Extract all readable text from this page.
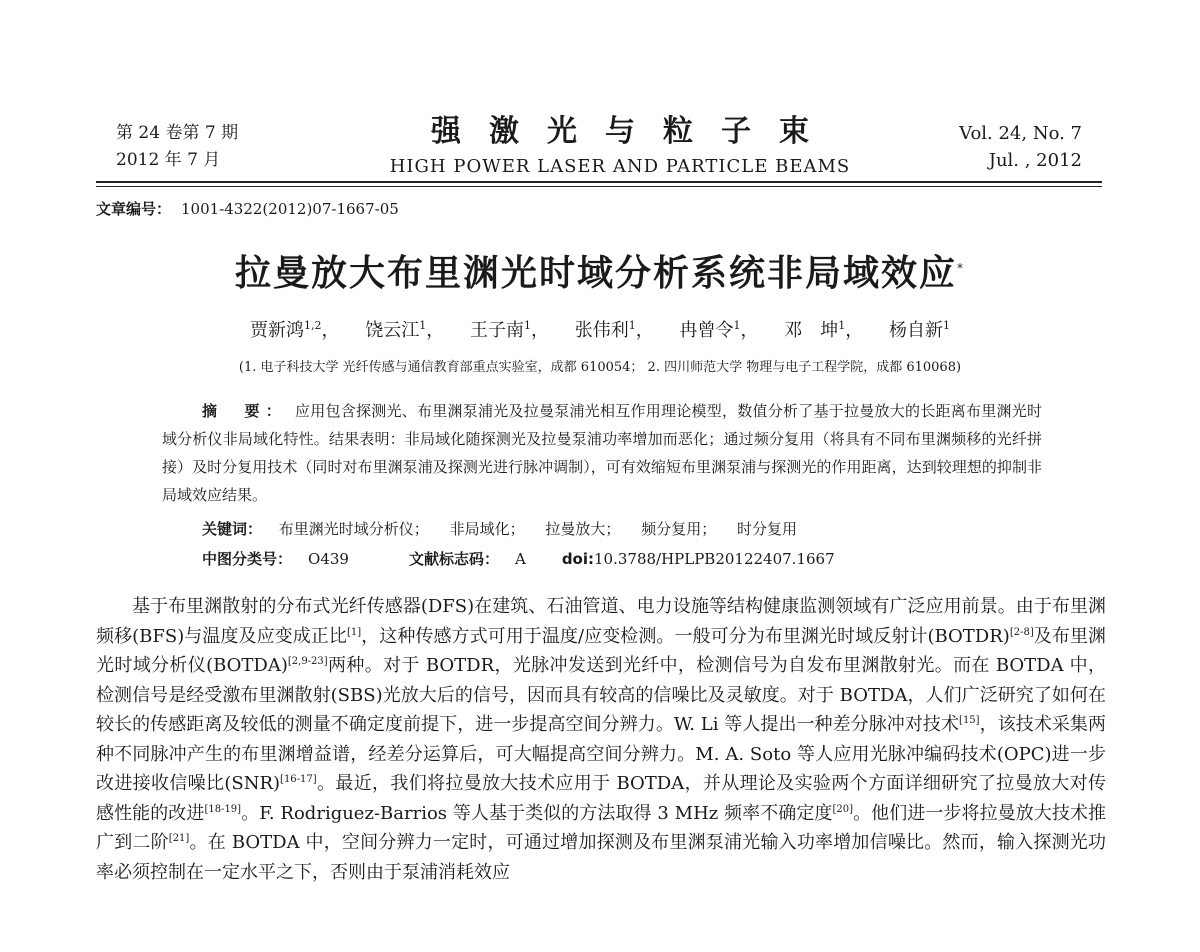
第 24 卷第 7 期
2012 年 7 月
强激光与粒子束
HIGH POWER LASER AND PARTICLE BEAMS
Vol. 24, No. 7
Jul. , 2012
文章编号： 1001-4322(2012)07-1667-05
拉曼放大布里渊光时域分析系统非局域效应*
贾新鸿$^{1,2}$， 饶云江$^1$， 王子南$^1$， 张伟利$^1$， 冉曾令$^1$， 邓　坤$^1$， 杨自新$^1$
(1. 电子科技大学 光纤传感与通信教育部重点实验室，成都 610054； 2. 四川师范大学 物理与电子工程学院，成都 610068)
摘　要： 应用包含探测光、布里渊泵浦光及拉曼泵浦光相互作用理论模型，数值分析了基于拉曼放大的长距离布里渊光时域分析仪非局域化特性。结果表明：非局域化随探测光及拉曼泵浦功率增加而恶化；通过频分复用（将具有不同布里渊频移的光纤拼接）及时分复用技术（同时对布里渊泵浦及探测光进行脉冲调制），可有效缩短布里渊泵浦与探测光的作用距离，达到较理想的抑制非局域效应结果。
关键词： 布里渊光时域分析仪； 非局域化； 拉曼放大； 频分复用； 时分复用
中图分类号： O439	文献标志码： A doi:10.3788/HPLPB20122407.1667

基于布里渊散射的分布式光纤传感器(DFS)在建筑、石油管道、电力设施等结构健康监测领域有广泛应用前景。由于布里渊频移(BFS)与温度及应变成正比[1]，这种传感方式可用于温度/应变检测。一般可分为布里渊光时域反射计(BOTDR)[2-8]及布里渊光时域分析仪(BOTDA)[2,9-23]两种。对于 BOTDR，光脉冲发送到光纤中，检测信号为自发布里渊散射光。而在 BOTDA 中，检测信号是经受激布里渊散射(SBS)光放大后的信号，因而具有较高的信噪比及灵敏度。对于 BOTDA，人们广泛研究了如何在较长的传感距离及较低的测量不确定度前提下，进一步提高空间分辨力。W. Li 等人提出一种差分脉冲对技术[15]，该技术采集两种不同脉冲产生的布里渊增益谱，经差分运算后，可大幅提高空间分辨力。M. A. Soto 等人应用光脉冲编码技术(OPC)进一步改进接收信噪比(SNR)[16-17]。最近，我们将拉曼放大技术应用于 BOTDA，并从理论及实验两个方面详细研究了拉曼放大对传感性能的改进[18-19]。F. Rodriguez-Barrios 等人基于类似的方法取得 3 MHz 频率不确定度[20]。他们进一步将拉曼放大技术推广到二阶[21]。在 BOTDA 中，空间分辨力一定时，可通过增加探测及布里渊泵浦光输入功率增加信噪比。然而，输入探测光功率必须控制在一定水平之下，否则由于泵浦消耗效应
